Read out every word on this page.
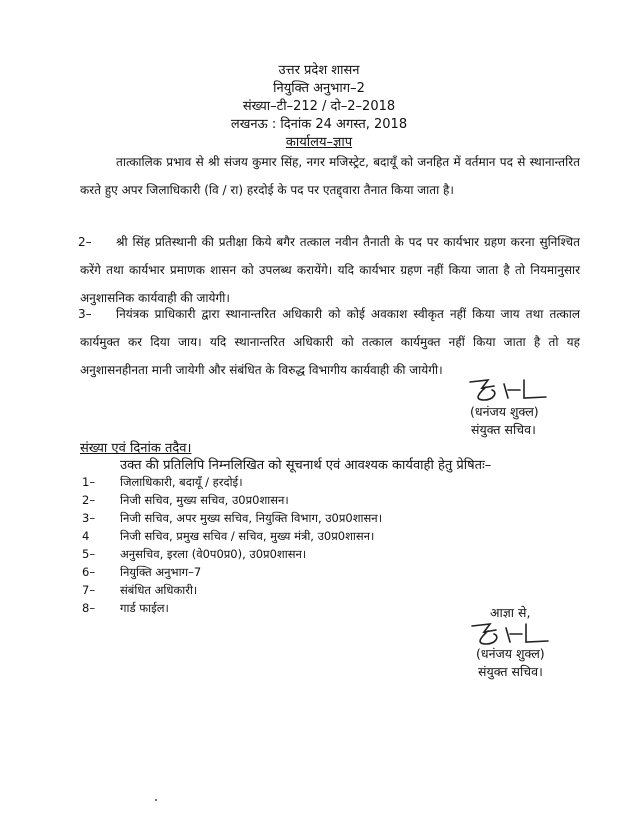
उत्तर प्रदेश शासन
नियुक्ति अनुभाग–2
संख्या–टी–212 / दो–2–2018
लखनऊ : दिनांक 24 अगस्त, 2018
कार्यालय–ज्ञाप
तात्कालिक प्रभाव से श्री संजय कुमार सिंह, नगर मजिस्ट्रेट, बदायूँ को जनहित में वर्तमान पद से स्थानान्तरित करते हुए अपर जिलाधिकारी (वि / रा) हरदोई के पद पर एतद्द्वारा तैनात किया जाता है।
2– श्री सिंह प्रतिस्थानी की प्रतीक्षा किये बगैर तत्काल नवीन तैनाती के पद पर कार्यभार ग्रहण करना सुनिश्चित करेंगे तथा कार्यभार प्रमाणक शासन को उपलब्ध करायेंगे। यदि कार्यभार ग्रहण नहीं किया जाता है तो नियमानुसार अनुशासनिक कार्यवाही की जायेगी।
3– नियंत्रक प्राधिकारी द्वारा स्थानान्तरित अधिकारी को कोई अवकाश स्वीकृत नहीं किया जाय तथा तत्काल कार्यमुक्त कर दिया जाय। यदि स्थानान्तरित अधिकारी को तत्काल कार्यमुक्त नहीं किया जाता है तो यह अनुशासनहीनता मानी जायेगी और संबंधित के विरुद्ध विभागीय कार्यवाही की जायेगी।
(धनंजय शुक्ल)
संयुक्त सचिव।
संख्या एवं दिनांक तदैव।
उक्त की प्रतिलिपि निम्नलिखित को सूचनार्थ एवं आवश्यक कार्यवाही हेतु प्रेषितः–
1– जिलाधिकारी, बदायूँ / हरदोई।
2– निजी सचिव, मुख्य सचिव, उ0प्र0शासन।
3– निजी सचिव, अपर मुख्य सचिव, नियुक्ति विभाग, उ0प्र0शासन।
4	निजी सचिव, प्रमुख सचिव / सचिव, मुख्य मंत्री, उ0प्र0शासन।
5– अनुसचिव, इरला (वे0प0प्र0), उ0प्र0शासन।
6– नियुक्ति अनुभाग–7
7– संबंधित अधिकारी।
8– गार्ड फाईल।	आज्ञा से,
(धनंजय शुक्ल)
संयुक्त सचिव।
